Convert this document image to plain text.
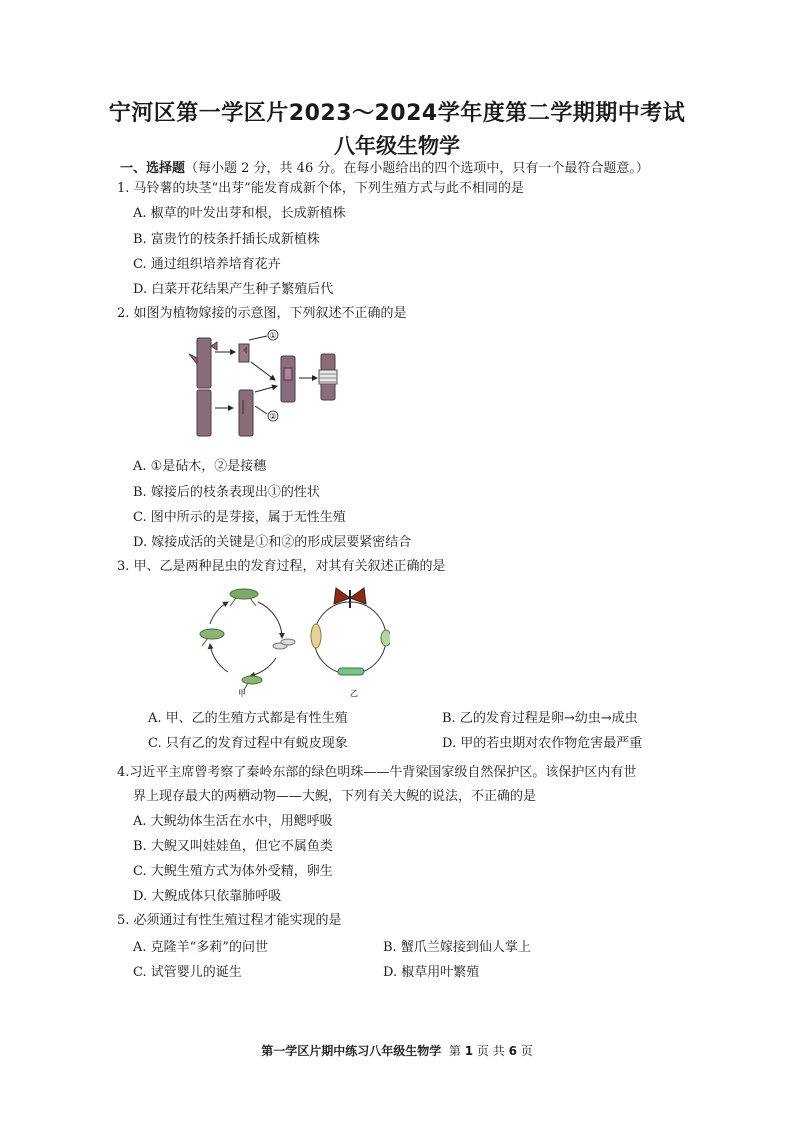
宁河区第一学区片2023～2024学年度第二学期期中考试
八年级生物学
一、选择题（每小题 2 分，共 46 分。在每小题给出的四个选项中，只有一个最符合题意。）
1. 马铃薯的块茎“出芽”能发育成新个体，下列生殖方式与此不相同的是
A. 椒草的叶发出芽和根，长成新植株
B. 富贵竹的枝条扦插长成新植株
C. 通过组织培养培育花卉
D. 白菜开花结果产生种子繁殖后代
2. 如图为植物嫁接的示意图，下列叙述不正确的是
①
②
A. ①是砧木，②是接穗
B. 嫁接后的枝条表现出①的性状
C. 图中所示的是芽接，属于无性生殖
D. 嫁接成活的关键是①和②的形成层要紧密结合
3. 甲、乙是两种昆虫的发育过程，对其有关叙述正确的是
甲	乙
A. 甲、乙的生殖方式都是有性生殖	B. 乙的发育过程是卵→幼虫→成虫
C. 只有乙的发育过程中有蜕皮现象	D. 甲的若虫期对农作物危害最严重
4.习近平主席曾考察了秦岭东部的绿色明珠——牛背梁国家级自然保护区。该保护区内有世
界上现存最大的两栖动物——大鲵，下列有关大鲵的说法，不正确的是
A. 大鲵幼体生活在水中，用鳃呼吸
B. 大鲵又叫娃娃鱼，但它不属鱼类
C. 大鲵生殖方式为体外受精，卵生
D. 大鲵成体只依靠肺呼吸
5. 必须通过有性生殖过程才能实现的是
A. 克隆羊“多莉”的问世	B. 蟹爪兰嫁接到仙人掌上
C. 试管婴儿的诞生	D. 椒草用叶繁殖
第一学区片期中练习八年级生物学 第 1 页 共 6 页
